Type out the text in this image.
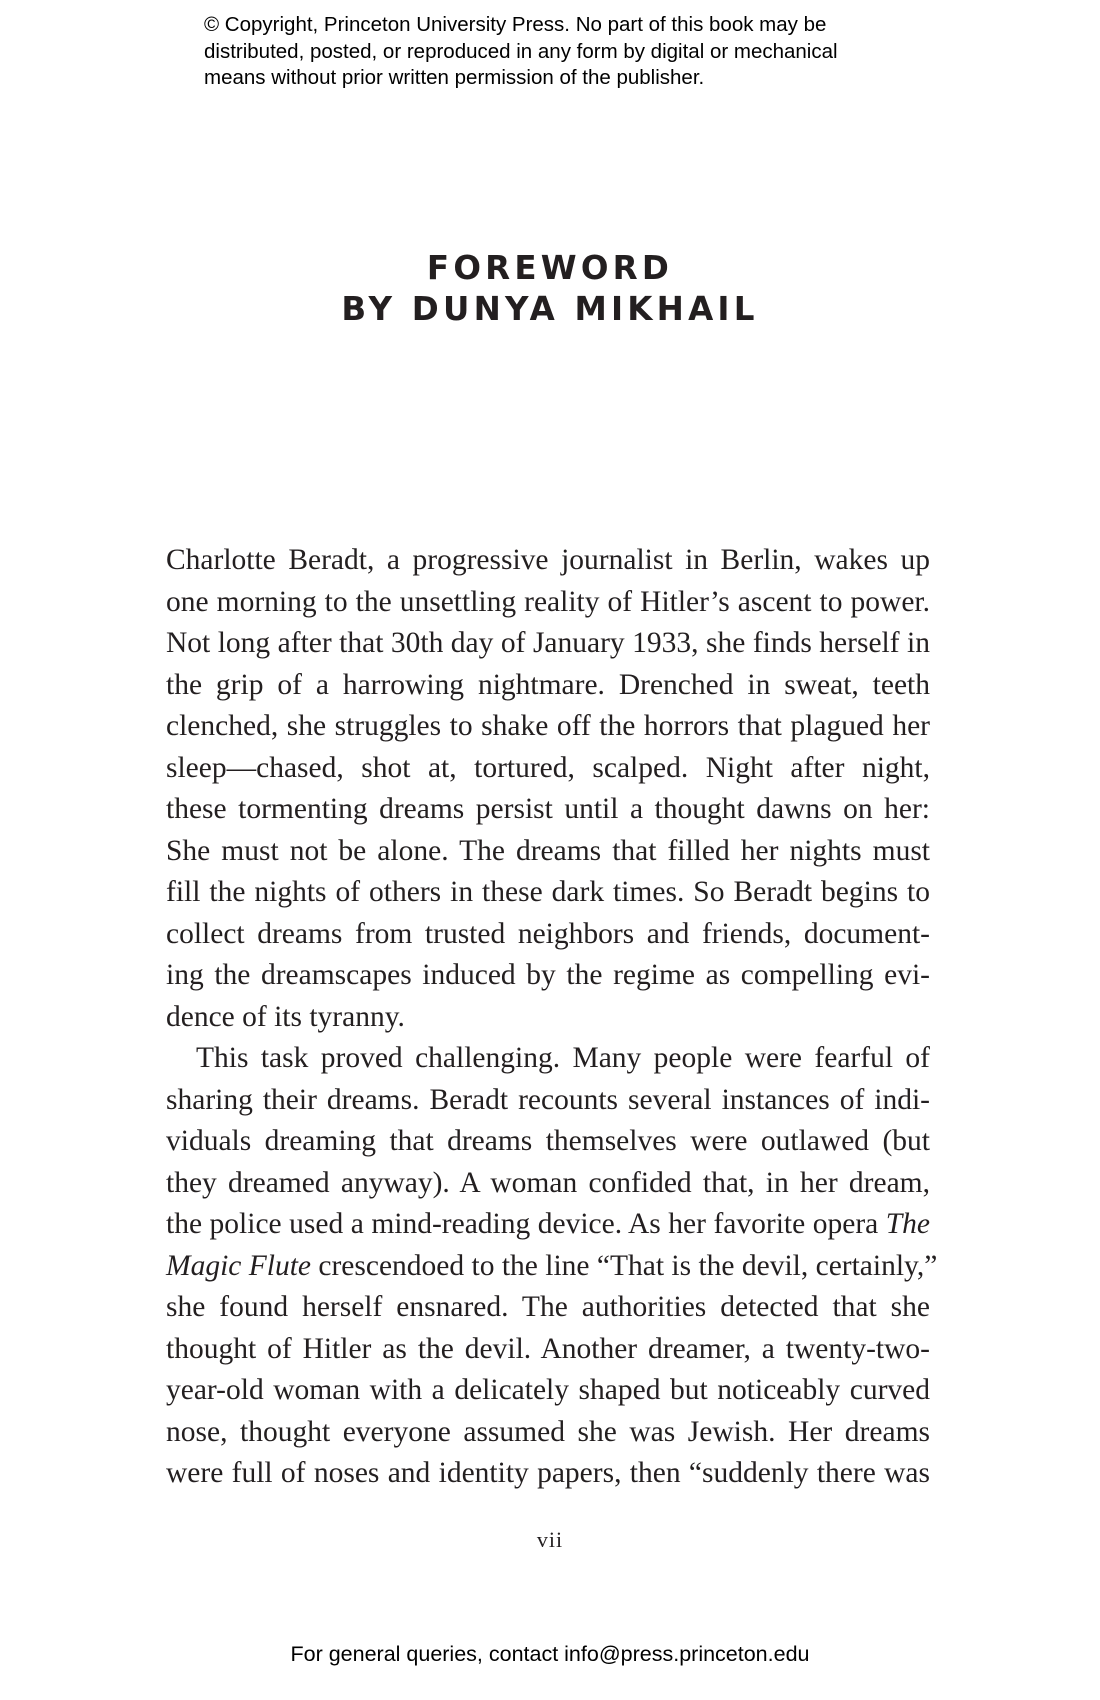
© Copyright, Princeton University Press. No part of this book may be
distributed, posted, or reproduced in any form by digital or mechanical
means without prior written permission of the publisher.
FOREWORD
BY DUNYA MIKHAIL
Charlotte Beradt, a progressive journalist in Berlin, wakes up
one morning to the unsettling reality of Hitler’s ascent to power.
Not long after that 30th day of January 1933, she finds herself in
the grip of a harrowing nightmare. Drenched in sweat, teeth
clenched, she struggles to shake off the horrors that plagued her
sleep—chased, shot at, tortured, scalped. Night after night,
these tormenting dreams persist until a thought dawns on her:
She must not be alone. The dreams that filled her nights must
fill the nights of others in these dark times. So Beradt begins to
collect dreams from trusted neighbors and friends, document-
ing the dreamscapes induced by the regime as compelling evi-
dence of its tyranny.
This task proved challenging. Many people were fearful of
sharing their dreams. Beradt recounts several instances of indi-
viduals dreaming that dreams themselves were outlawed (but
they dreamed anyway). A woman confided that, in her dream,
the police used a mind-reading device. As her favorite opera The
Magic Flute crescendoed to the line “That is the devil, certainly,”
she found herself ensnared. The authorities detected that she
thought of Hitler as the devil. Another dreamer, a twenty-two-
year-old woman with a delicately shaped but noticeably curved
nose, thought everyone assumed she was Jewish. Her dreams
were full of noses and identity papers, then “suddenly there was
vii
For general queries, contact info@press.princeton.edu
